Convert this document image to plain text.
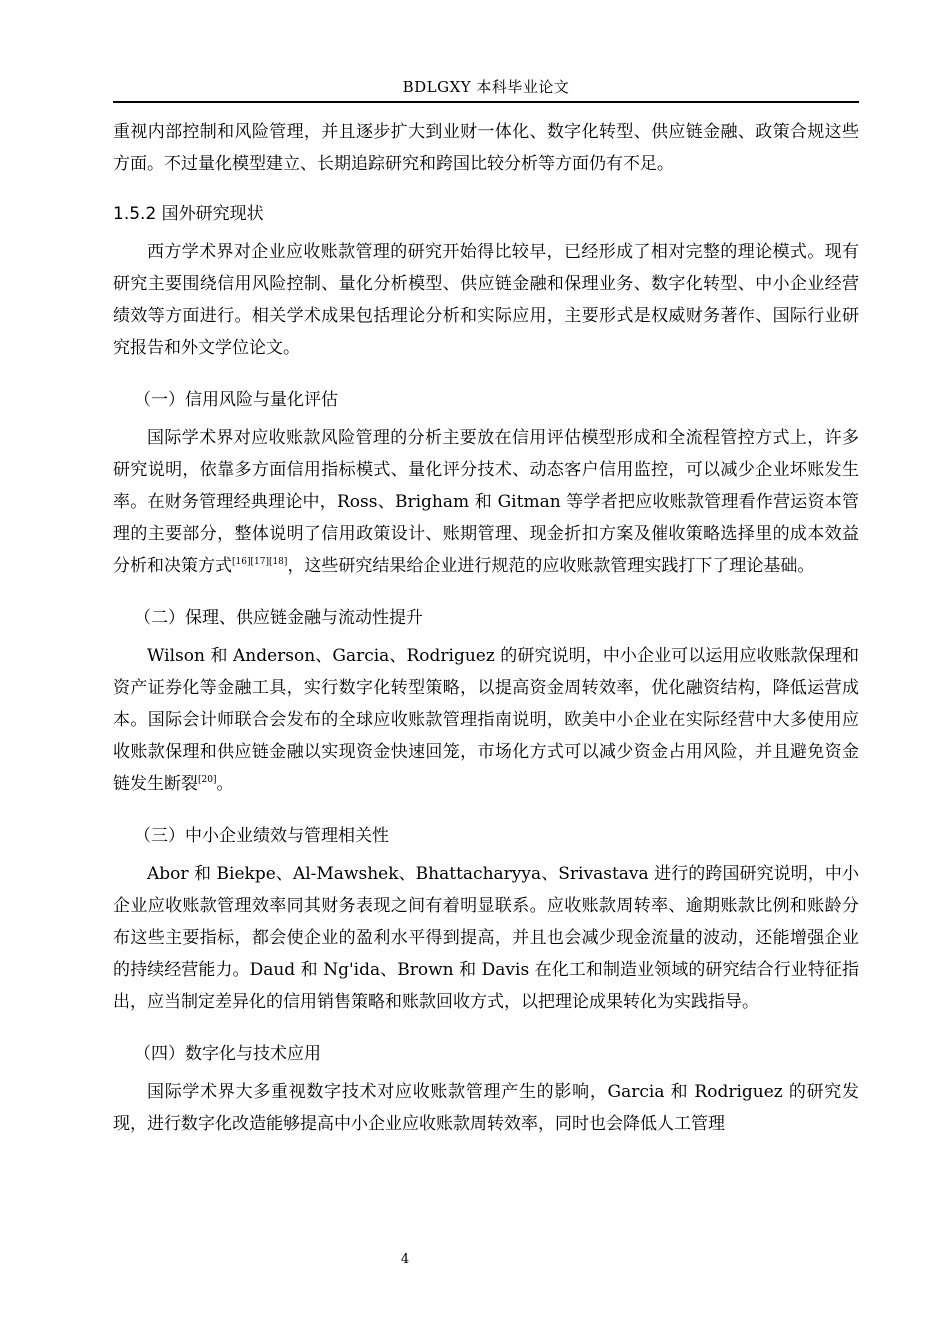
BDLGXY 本科毕业论文

重视内部控制和风险管理，并且逐步扩大到业财一体化、数字化转型、供应链金融、政策合规这些方面。不过量化模型建立、长期追踪研究和跨国比较分析等方面仍有不足。

1.5.2 国外研究现状

西方学术界对企业应收账款管理的研究开始得比较早，已经形成了相对完整的理论模式。现有研究主要围绕信用风险控制、量化分析模型、供应链金融和保理业务、数字化转型、中小企业经营绩效等方面进行。相关学术成果包括理论分析和实际应用，主要形式是权威财务著作、国际行业研究报告和外文学位论文。

（一）信用风险与量化评估

国际学术界对应收账款风险管理的分析主要放在信用评估模型形成和全流程管控方式上，许多研究说明，依靠多方面信用指标模式、量化评分技术、动态客户信用监控，可以减少企业坏账发生率。在财务管理经典理论中，Ross、Brigham 和 Gitman 等学者把应收账款管理看作营运资本管理的主要部分，整体说明了信用政策设计、账期管理、现金折扣方案及催收策略选择里的成本效益分析和决策方式[16][17][18]，这些研究结果给企业进行规范的应收账款管理实践打下了理论基础。

（二）保理、供应链金融与流动性提升

Wilson 和 Anderson、Garcia、Rodriguez 的研究说明，中小企业可以运用应收账款保理和资产证券化等金融工具，实行数字化转型策略，以提高资金周转效率，优化融资结构，降低运营成本。国际会计师联合会发布的全球应收账款管理指南说明，欧美中小企业在实际经营中大多使用应收账款保理和供应链金融以实现资金快速回笼，市场化方式可以减少资金占用风险，并且避免资金链发生断裂[20]。

（三）中小企业绩效与管理相关性

Abor 和 Biekpe、Al-Mawshek、Bhattacharyya、Srivastava 进行的跨国研究说明，中小企业应收账款管理效率同其财务表现之间有着明显联系。应收账款周转率、逾期账款比例和账龄分布这些主要指标，都会使企业的盈利水平得到提高，并且也会减少现金流量的波动，还能增强企业的持续经营能力。Daud 和 Ng'ida、Brown 和 Davis 在化工和制造业领域的研究结合行业特征指出，应当制定差异化的信用销售策略和账款回收方式，以把理论成果转化为实践指导。

（四）数字化与技术应用

国际学术界大多重视数字技术对应收账款管理产生的影响，Garcia 和 Rodriguez 的研究发现，进行数字化改造能够提高中小企业应收账款周转效率，同时也会降低人工管理

4
